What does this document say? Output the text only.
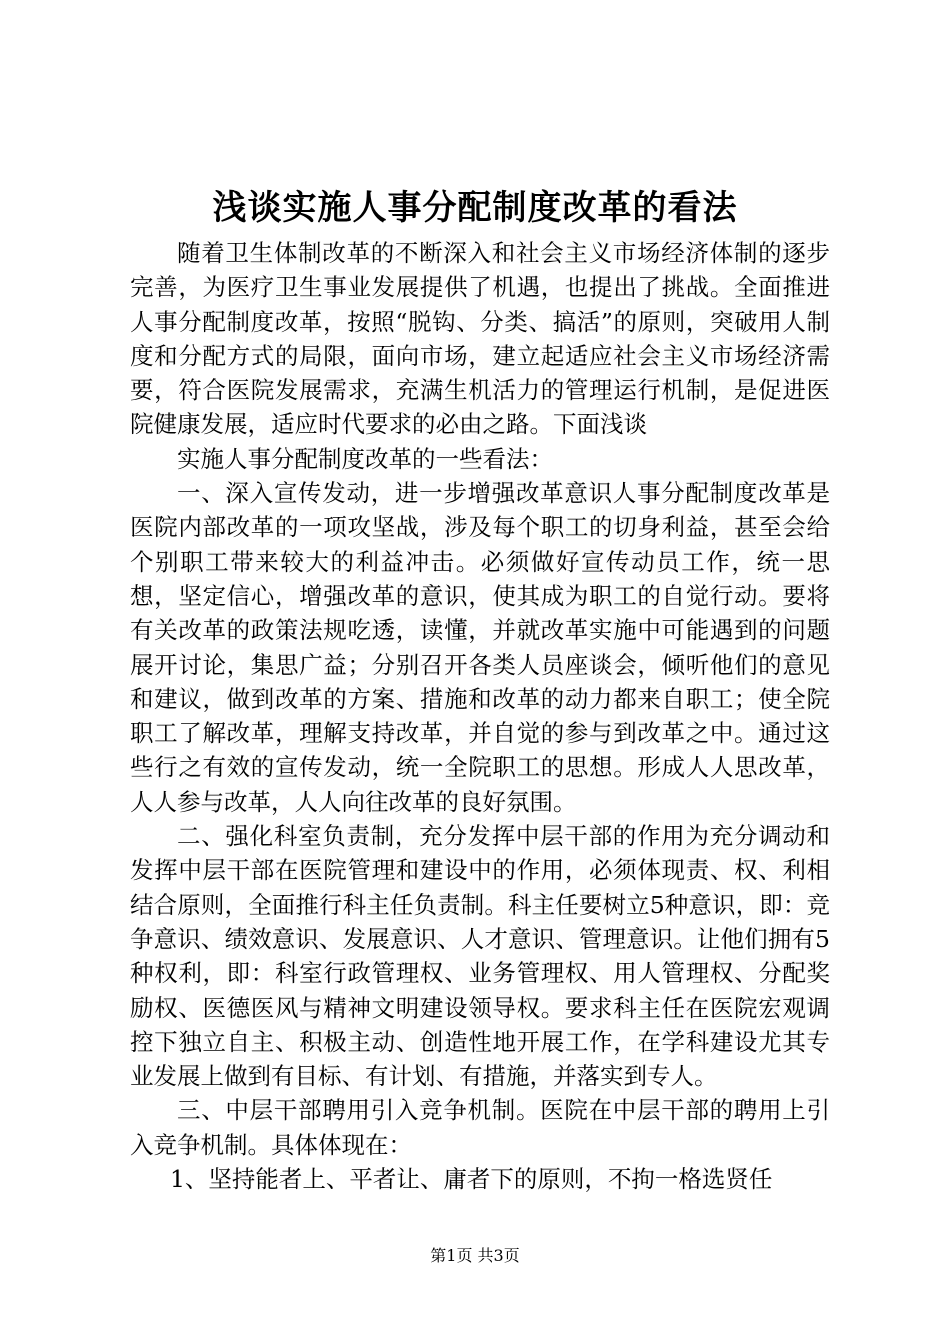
浅谈实施人事分配制度改革的看法

随着卫生体制改革的不断深入和社会主义市场经济体制的逐步完善，为医疗卫生事业发展提供了机遇，也提出了挑战。全面推进人事分配制度改革，按照“脱钩、分类、搞活”的原则，突破用人制度和分配方式的局限，面向市场，建立起适应社会主义市场经济需要，符合医院发展需求，充满生机活力的管理运行机制，是促进医院健康发展，适应时代要求的必由之路。下面浅谈

实施人事分配制度改革的一些看法：

一、深入宣传发动，进一步增强改革意识人事分配制度改革是医院内部改革的一项攻坚战，涉及每个职工的切身利益，甚至会给个别职工带来较大的利益冲击。必须做好宣传动员工作，统一思想，坚定信心，增强改革的意识，使其成为职工的自觉行动。要将有关改革的政策法规吃透，读懂，并就改革实施中可能遇到的问题展开讨论，集思广益；分别召开各类人员座谈会，倾听他们的意见和建议，做到改革的方案、措施和改革的动力都来自职工；使全院职工了解改革，理解支持改革，并自觉的参与到改革之中。通过这些行之有效的宣传发动，统一全院职工的思想。形成人人思改革，人人参与改革，人人向往改革的良好氛围。

二、强化科室负责制，充分发挥中层干部的作用为充分调动和发挥中层干部在医院管理和建设中的作用，必须体现责、权、利相结合原则，全面推行科主任负责制。科主任要树立5种意识，即：竞争意识、绩效意识、发展意识、人才意识、管理意识。让他们拥有5种权利，即：科室行政管理权、业务管理权、用人管理权、分配奖励权、医德医风与精神文明建设领导权。要求科主任在医院宏观调控下独立自主、积极主动、创造性地开展工作，在学科建设尤其专业发展上做到有目标、有计划、有措施，并落实到专人。

三、中层干部聘用引入竞争机制。医院在中层干部的聘用上引入竞争机制。具体体现在：

1、坚持能者上、平者让、庸者下的原则，不拘一格选贤任

第1页 共3页
